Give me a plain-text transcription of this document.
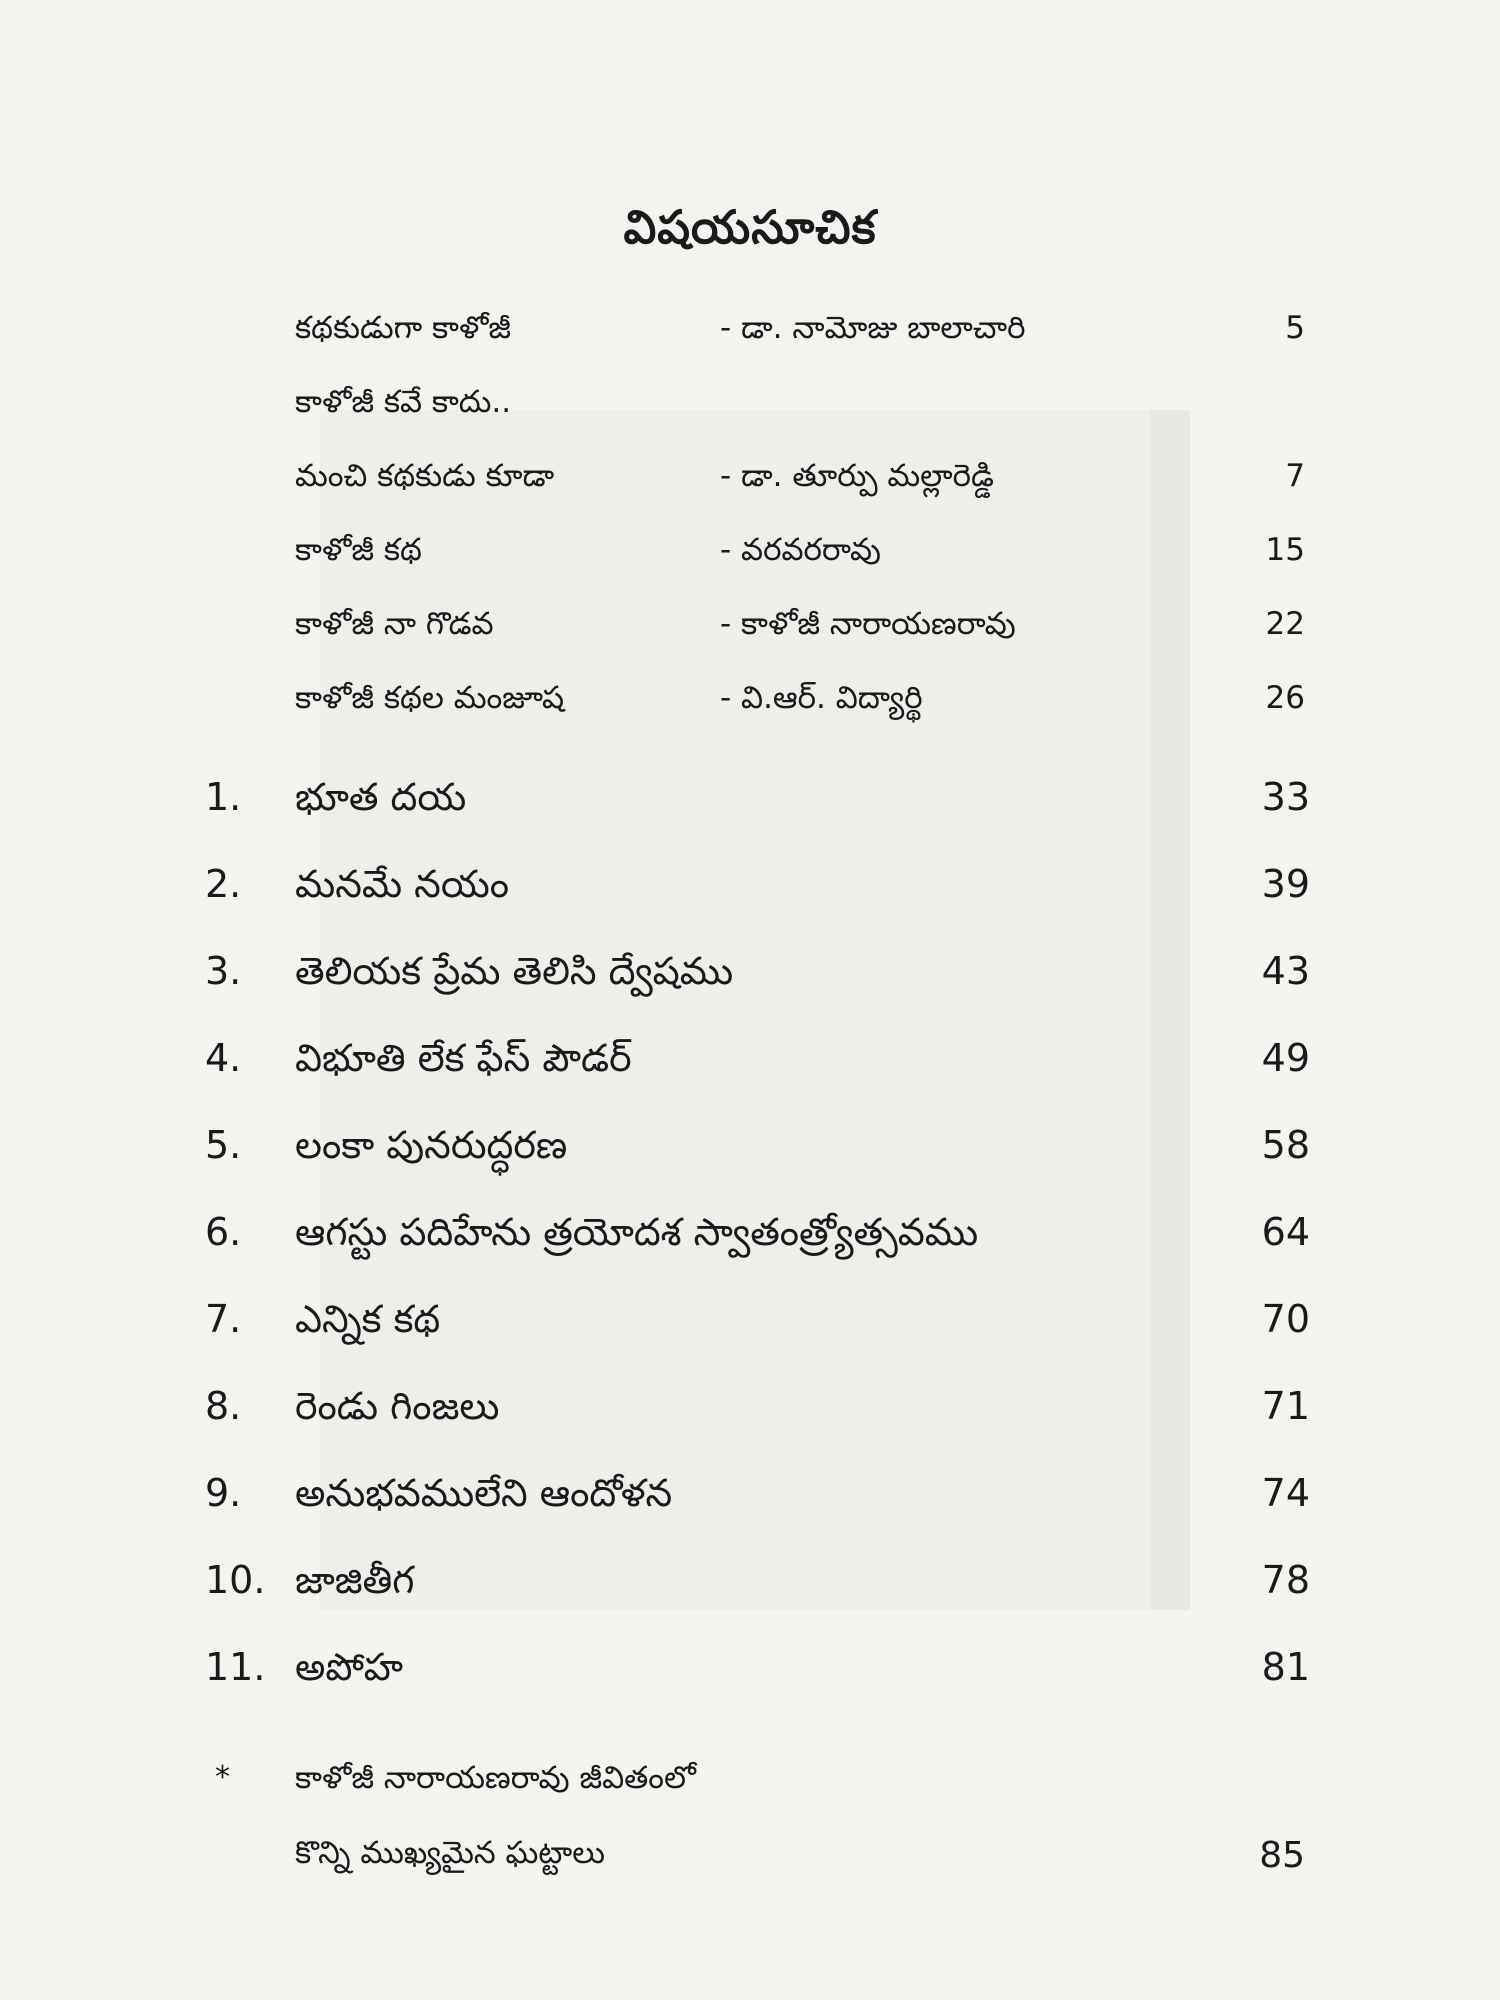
విషయసూచిక
కథకుడుగా కాళోజీ	- డా. నామోజు బాలాచారి	5
కాళోజీ కవే కాదు..
మంచి కథకుడు కూడా	- డా. తూర్పు మల్లారెడ్డి	7
కాళోజీ కథ	- వరవరరావు	15
కాళోజీ నా గొడవ	- కాళోజీ నారాయణరావు	22
కాళోజీ కథల మంజూష	- వి.ఆర్. విద్యార్థి	26
1. భూత దయ	33
2. మనమే నయం	39
3. తెలియక ప్రేమ తెలిసి ద్వేషము	43
4. విభూతి లేక ఫేస్ పౌడర్	49
5. లంకా పునరుద్ధరణ	58
6. ఆగస్టు పదిహేను త్రయోదశ స్వాతంత్ర్యోత్సవము	64
7. ఎన్నిక కథ	70
8. రెండు గింజలు	71
9. అనుభవములేని ఆందోళన	74
10. జాజితీగ	78
11. అపోహ	81
* కాళోజీ నారాయణరావు జీవితంలో
కొన్ని ముఖ్యమైన ఘట్టాలు	85
